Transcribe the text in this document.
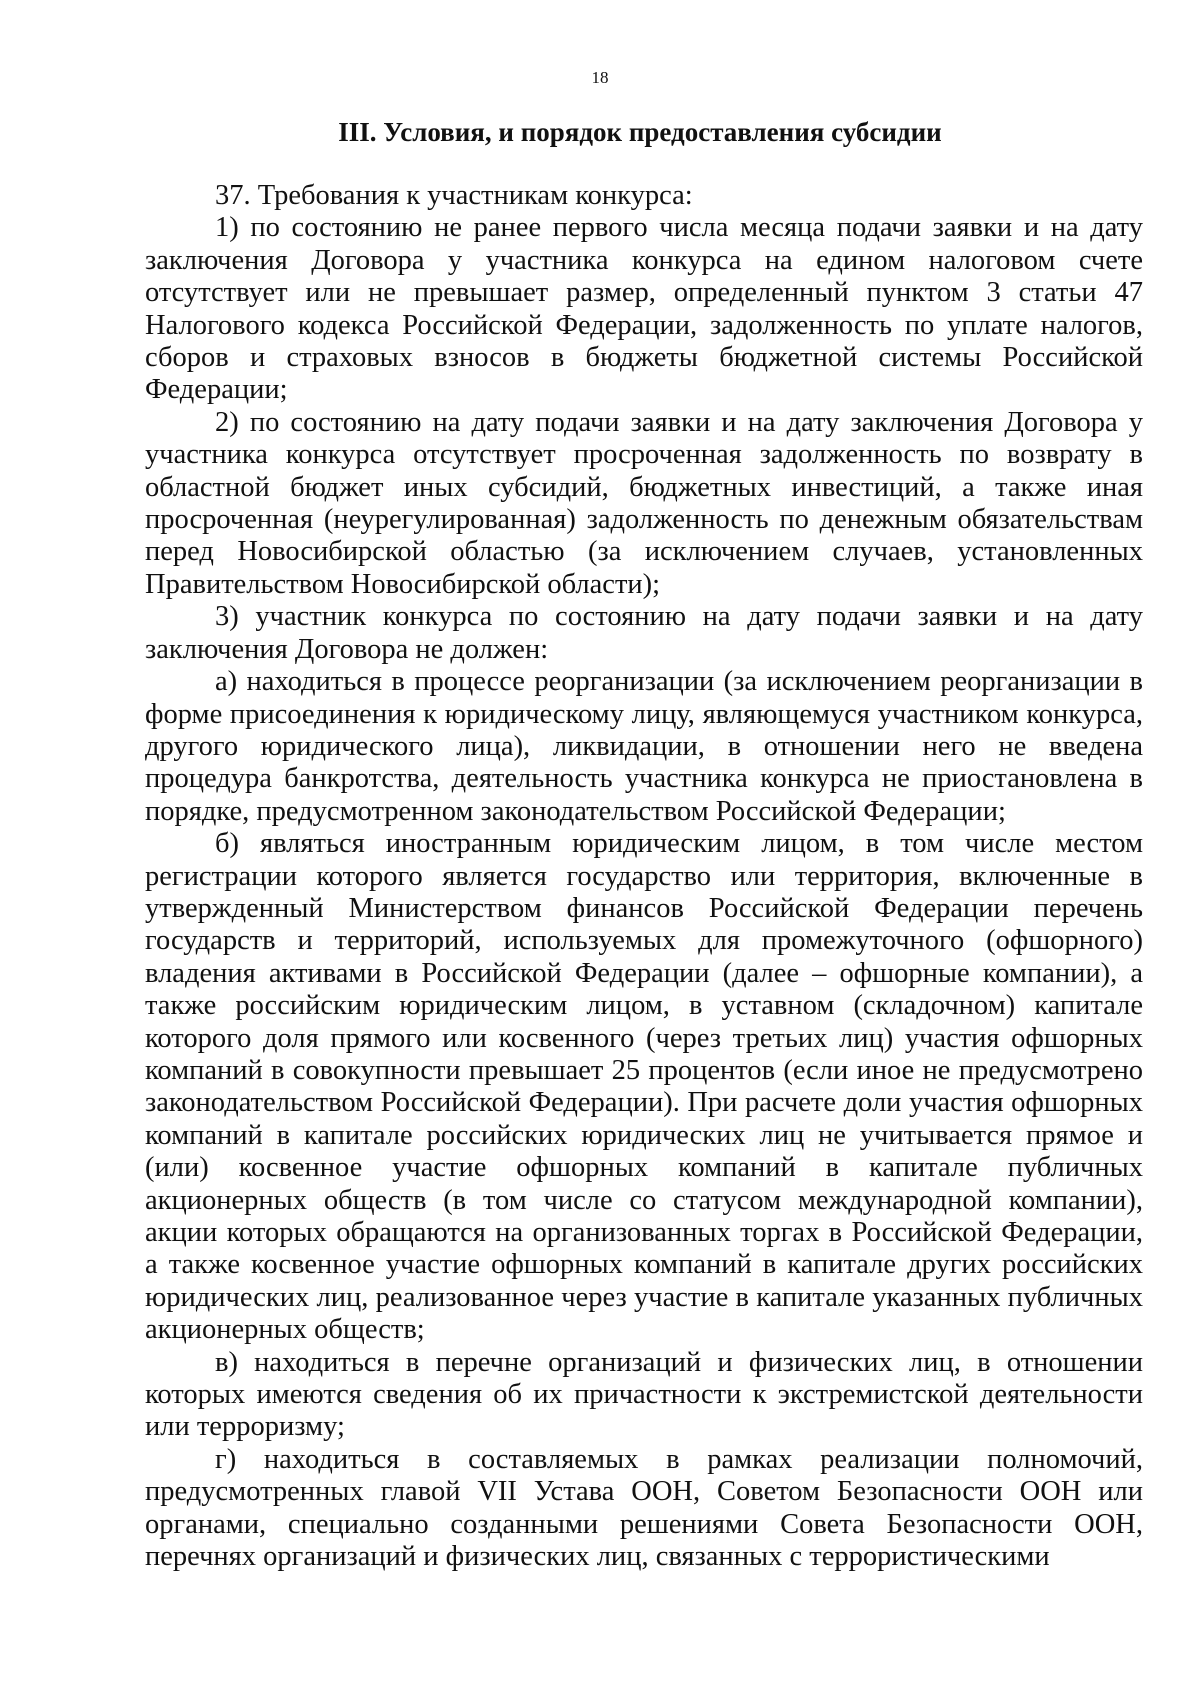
18
III. Условия, и порядок предоставления субсидии

37. Требования к участникам конкурса:

1) по состоянию не ранее первого числа месяца подачи заявки и на дату заключения Договора у участника конкурса на едином налоговом счете отсутствует или не превышает размер, определенный пунктом 3 статьи 47 Налогового кодекса Российской Федерации, задолженность по уплате налогов, сборов и страховых взносов в бюджеты бюджетной системы Российской Федерации;

2) по состоянию на дату подачи заявки и на дату заключения Договора у участника конкурса отсутствует просроченная задолженность по возврату в областной бюджет иных субсидий, бюджетных инвестиций, а также иная просроченная (неурегулированная) задолженность по денежным обязательствам перед Новосибирской областью (за исключением случаев, установленных Правительством Новосибирской области);

3) участник конкурса по состоянию на дату подачи заявки и на дату заключения Договора не должен:

а) находиться в процессе реорганизации (за исключением реорганизации в форме присоединения к юридическому лицу, являющемуся участником конкурса, другого юридического лица), ликвидации, в отношении него не введена процедура банкротства, деятельность участника конкурса не приостановлена в порядке, предусмотренном законодательством Российской Федерации;

б) являться иностранным юридическим лицом, в том числе местом регистрации которого является государство или территория, включенные в утвержденный Министерством финансов Российской Федерации перечень государств и территорий, используемых для промежуточного (офшорного) владения активами в Российской Федерации (далее – офшорные компании), а также российским юридическим лицом, в уставном (складочном) капитале которого доля прямого или косвенного (через третьих лиц) участия офшорных компаний в совокупности превышает 25 процентов (если иное не предусмотрено законодательством Российской Федерации). При расчете доли участия офшорных компаний в капитале российских юридических лиц не учитывается прямое и (или) косвенное участие офшорных компаний в капитале публичных акционерных обществ (в том числе со статусом международной компании), акции которых обращаются на организованных торгах в Российской Федерации, а также косвенное участие офшорных компаний в капитале других российских юридических лиц, реализованное через участие в капитале указанных публичных акционерных обществ;

в) находиться в перечне организаций и физических лиц, в отношении которых имеются сведения об их причастности к экстремистской деятельности или терроризму;

г) находиться в составляемых в рамках реализации полномочий, предусмотренных главой VII Устава ООН, Советом Безопасности ООН или органами, специально созданными решениями Совета Безопасности ООН, перечнях организаций и физических лиц, связанных с террористическими
